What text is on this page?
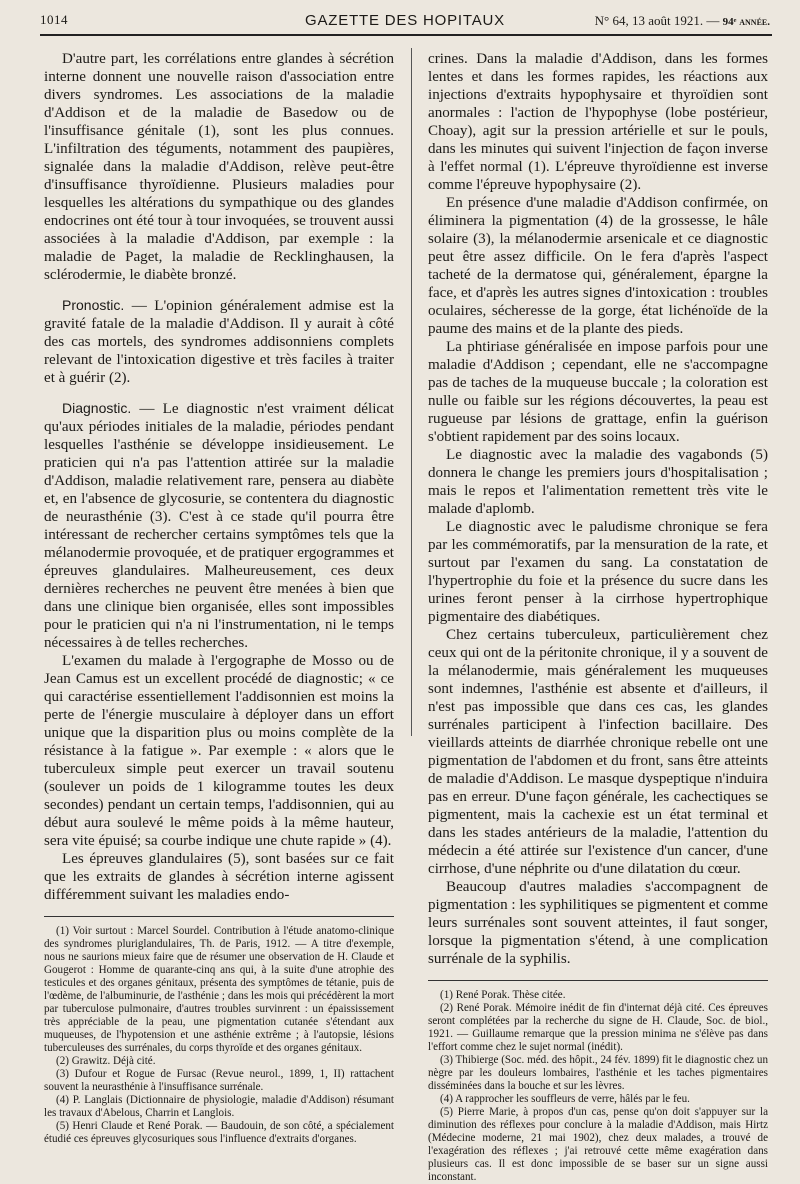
1014	GAZETTE DES HOPITAUX	N° 64, 13 août 1921. — 94ᵉ année.

D'autre part, les corrélations entre glandes à sécrétion interne donnent une nouvelle raison d'association entre divers syndromes. Les associations de la maladie d'Addison et de la maladie de Basedow ou de l'insuffisance génitale (1), sont les plus connues. L'infiltration des téguments, notamment des paupières, signalée dans la maladie d'Addison, relève peut-être d'insuffisance thyroïdienne. Plusieurs maladies pour lesquelles les altérations du sympathique ou des glandes endocrines ont été tour à tour invoquées, se trouvent aussi associées à la maladie d'Addison, par exemple : la maladie de Paget, la maladie de Recklinghausen, la sclérodermie, le diabète bronzé.

Pronostic. — L'opinion généralement admise est la gravité fatale de la maladie d'Addison. Il y aurait à côté des cas mortels, des syndromes addisonniens complets relevant de l'intoxication digestive et très faciles à traiter et à guérir (2).

Diagnostic. — Le diagnostic n'est vraiment délicat qu'aux périodes initiales de la maladie, périodes pendant lesquelles l'asthénie se développe insidieusement. Le praticien qui n'a pas l'attention attirée sur la maladie d'Addison, maladie relativement rare, pensera au diabète et, en l'absence de glycosurie, se contentera du diagnostic de neurasthénie (3). C'est à ce stade qu'il pourra être intéressant de rechercher certains symptômes tels que la mélanodermie provoquée, et de pratiquer ergogrammes et épreuves glandulaires. Malheureusement, ces deux dernières recherches ne peuvent être menées à bien que dans une clinique bien organisée, elles sont impossibles pour le praticien qui n'a ni l'instrumentation, ni le temps nécessaires à de telles recherches.

L'examen du malade à l'ergographe de Mosso ou de Jean Camus est un excellent procédé de diagnostic; « ce qui caractérise essentiellement l'addisonnien est moins la perte de l'énergie musculaire à déployer dans un effort unique que la disparition plus ou moins complète de la résistance à la fatigue ». Par exemple : « alors que le tuberculeux simple peut exercer un travail soutenu (soulever un poids de 1 kilogramme toutes les deux secondes) pendant un certain temps, l'addisonnien, qui au début aura soulevé le même poids à la même hauteur, sera vite épuisé; sa courbe indique une chute rapide » (4).

Les épreuves glandulaires (5), sont basées sur ce fait que les extraits de glandes à sécrétion interne agissent différemment suivant les maladies endo-

(1) Voir surtout : Marcel Sourdel. Contribution à l'étude anatomo-clinique des syndromes pluriglandulaires, Th. de Paris, 1912. — A titre d'exemple, nous ne saurions mieux faire que de résumer une observation de H. Claude et Gougerot : Homme de quarante-cinq ans qui, à la suite d'une atrophie des testicules et des organes génitaux, présenta des symptômes de tétanie, puis de l'œdème, de l'albuminurie, de l'asthénie ; dans les mois qui précédèrent la mort par tuberculose pulmonaire, d'autres troubles survinrent : un épaississement très appréciable de la peau, une pigmentation cutanée s'étendant aux muqueuses, de l'hypotension et une asthénie extrême ; à l'autopsie, lésions tuberculeuses des surrénales, du corps thyroïde et des organes génitaux.

(2) Grawitz. Déjà cité.

(3) Dufour et Rogue de Fursac (Revue neurol., 1899, 1, II) rattachent souvent la neurasthénie à l'insuffisance surrénale.

(4) P. Langlais (Dictionnaire de physiologie, maladie d'Addison) résumant les travaux d'Abelous, Charrin et Langlois.

(5) Henri Claude et René Porak. — Baudouin, de son côté, a spécialement étudié ces épreuves glycosuriques sous l'influence d'extraits d'organes.

crines. Dans la maladie d'Addison, dans les formes lentes et dans les formes rapides, les réactions aux injections d'extraits hypophysaire et thyroïdien sont anormales : l'action de l'hypophyse (lobe postérieur, Choay), agit sur la pression artérielle et sur le pouls, dans les minutes qui suivent l'injection de façon inverse à l'effet normal (1). L'épreuve thyroïdienne est inverse comme l'épreuve hypophysaire (2).

En présence d'une maladie d'Addison confirmée, on éliminera la pigmentation (4) de la grossesse, le hâle solaire (3), la mélanodermie arsenicale et ce diagnostic peut être assez difficile. On le fera d'après l'aspect tacheté de la dermatose qui, généralement, épargne la face, et d'après les autres signes d'intoxication : troubles oculaires, sécheresse de la gorge, état lichénoïde de la paume des mains et de la plante des pieds.

La phtiriase généralisée en impose parfois pour une maladie d'Addison ; cependant, elle ne s'accompagne pas de taches de la muqueuse buccale ; la coloration est nulle ou faible sur les régions découvertes, la peau est rugueuse par lésions de grattage, enfin la guérison s'obtient rapidement par des soins locaux.

Le diagnostic avec la maladie des vagabonds (5) donnera le change les premiers jours d'hospitalisation ; mais le repos et l'alimentation remettent très vite le malade d'aplomb.

Le diagnostic avec le paludisme chronique se fera par les commémoratifs, par la mensuration de la rate, et surtout par l'examen du sang. La constatation de l'hypertrophie du foie et la présence du sucre dans les urines feront penser à la cirrhose hypertrophique pigmentaire des diabétiques.

Chez certains tuberculeux, particulièrement chez ceux qui ont de la péritonite chronique, il y a souvent de la mélanodermie, mais généralement les muqueuses sont indemnes, l'asthénie est absente et d'ailleurs, il n'est pas impossible que dans ces cas, les glandes surrénales participent à l'infection bacillaire. Des vieillards atteints de diarrhée chronique rebelle ont une pigmentation de l'abdomen et du front, sans être atteints de maladie d'Addison. Le masque dyspeptique n'induira pas en erreur. D'une façon générale, les cachectiques se pigmentent, mais la cachexie est un état terminal et dans les stades antérieurs de la maladie, l'attention du médecin a été attirée sur l'existence d'un cancer, d'une cirrhose, d'une néphrite ou d'une dilatation du cœur.

Beaucoup d'autres maladies s'accompagnent de pigmentation : les syphilitiques se pigmentent et comme leurs surrénales sont souvent atteintes, il faut songer, lorsque la pigmentation s'étend, à une complication surrénale de la syphilis.

(1) René Porak. Thèse citée.

(2) René Porak. Mémoire inédit de fin d'internat déjà cité. Ces épreuves seront complétées par la recherche du signe de H. Claude, Soc. de biol., 1921. — Guillaume remarque que la pression minima ne s'élève pas dans l'effort comme chez le sujet normal (inédit).

(3) Thibierge (Soc. méd. des hôpit., 24 fév. 1899) fit le diagnostic chez un nègre par les douleurs lombaires, l'asthénie et les taches pigmentaires disséminées dans la bouche et sur les lèvres.

(4) A rapprocher les souffleurs de verre, hâlés par le feu.

(5) Pierre Marie, à propos d'un cas, pense qu'on doit s'appuyer sur la diminution des réflexes pour conclure à la maladie d'Addison, mais Hirtz (Médecine moderne, 21 mai 1902), chez deux malades, a trouvé de l'exagération des réflexes ; j'ai retrouvé cette même exagération dans plusieurs cas. Il est donc impossible de se baser sur un signe aussi inconstant.
